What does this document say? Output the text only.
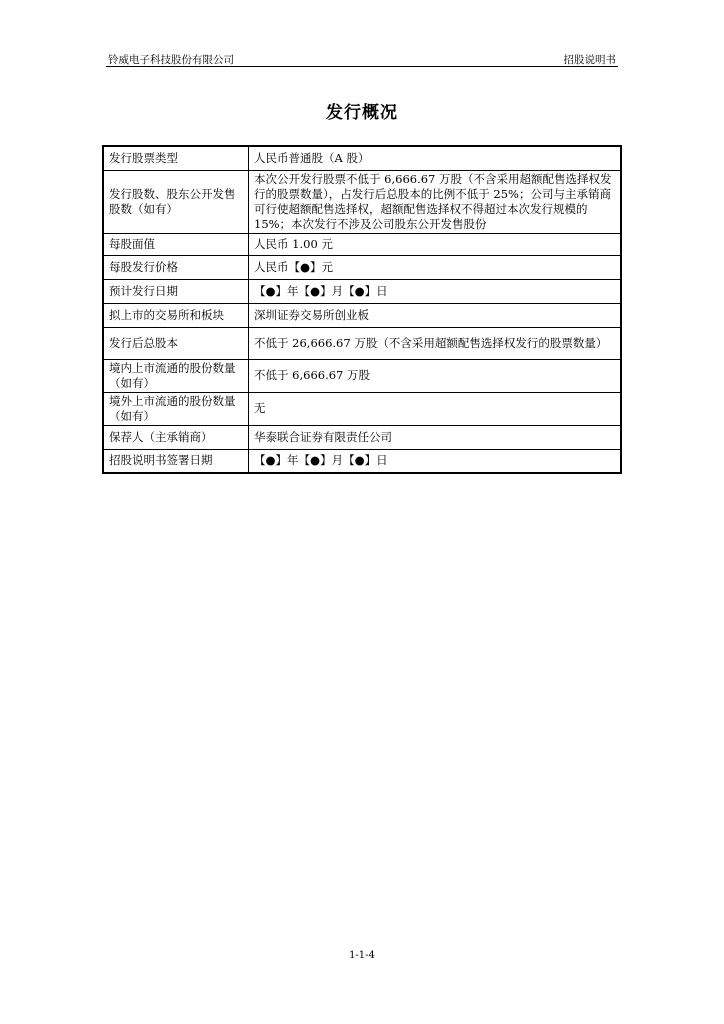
铃威电子科技股份有限公司	招股说明书
发行概况
发行股票类型	人民币普通股（A 股）
发行股数、股东公开发售股数（如有）	本次公开发行股票不低于 6,666.67 万股（不含采用超额配售选择权发行的股票数量），占发行后总股本的比例不低于 25%；公司与主承销商可行使超额配售选择权，超额配售选择权不得超过本次发行规模的 15%；本次发行不涉及公司股东公开发售股份
每股面值	人民币 1.00 元
每股发行价格	人民币【●】元
预计发行日期	【●】年【●】月【●】日
拟上市的交易所和板块	深圳证券交易所创业板
发行后总股本	不低于 26,666.67 万股（不含采用超额配售选择权发行的股票数量）
境内上市流通的股份数量（如有）	不低于 6,666.67 万股
境外上市流通的股份数量（如有）	无
保荐人（主承销商）	华泰联合证券有限责任公司
招股说明书签署日期	【●】年【●】月【●】日
1-1-4
